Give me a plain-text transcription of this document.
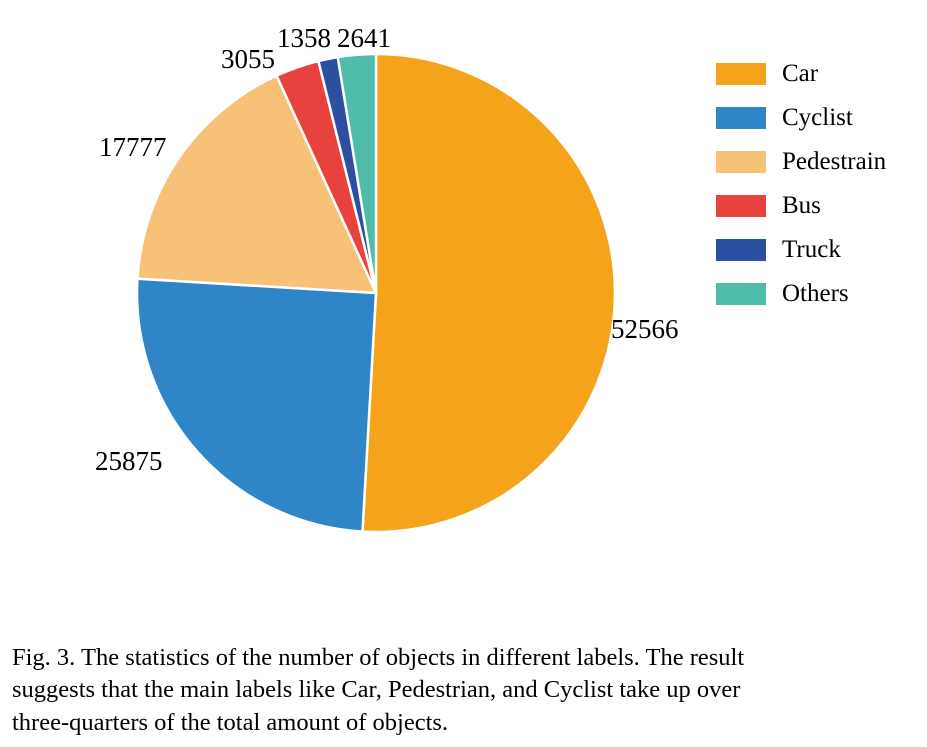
52566
25875
17777
3055
1358 2641
Car
Cyclist
Pedestrain
Bus
Truck
Others
Fig. 3. The statistics of the number of objects in different labels. The result
suggests that the main labels like Car, Pedestrian, and Cyclist take up over
three-quarters of the total amount of objects.
